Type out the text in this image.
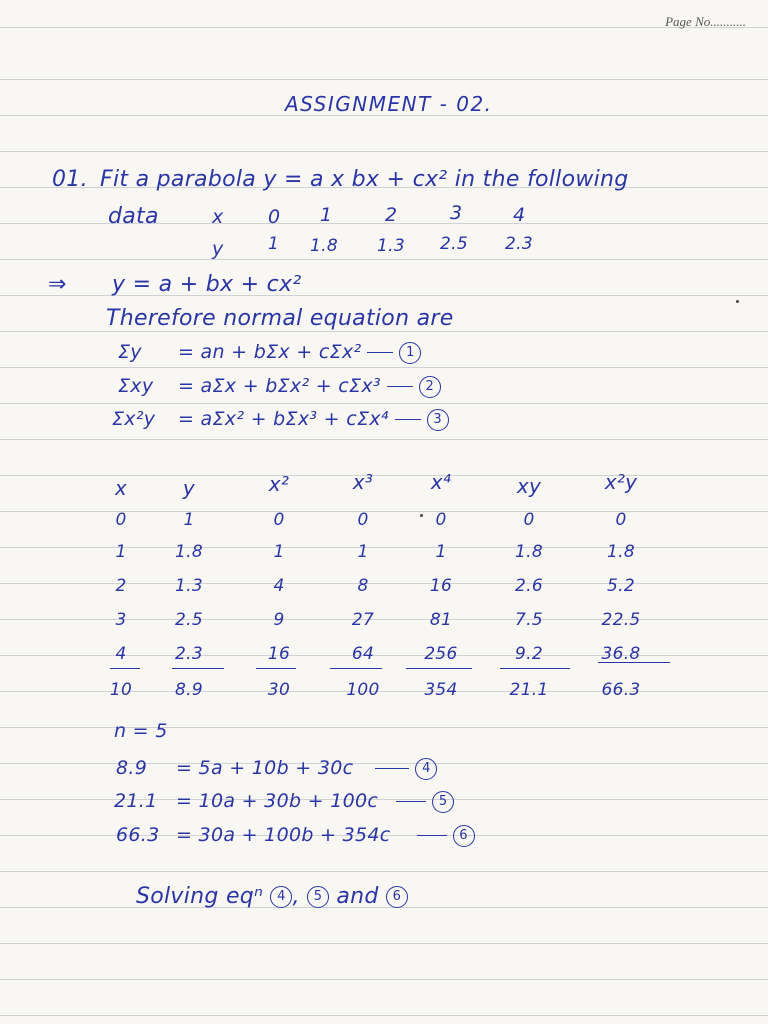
Page No...........
ASSIGNMENT - 02.
01. Fit a parabola y = a x bx + cx² in the following
data	x 0 1	2	3	4
y	1 1.8 1.3 2.5 2.3
⇒ y = a + bx + cx²
Therefore normal equation are
Σy = an + bΣx + cΣx²	1
Σxy = aΣx + bΣx² + cΣx³	2
Σx²y = aΣx² + bΣx³ + cΣx⁴	3
x	y	x²	x³	x⁴	xy	x²y
0	1	0	0	0	0	0
1	1.8	1	1	1	1.8	1.8
2	1.3	4	8	16	2.6	5.2
3	2.5	9	27	81	7.5	22.5
4	2.3	16	64	256	9.2	36.8
10	8.9	30	100	354	21.1	66.3
n = 5
8.9 = 5a + 10b + 30c	4
21.1 = 10a + 30b + 100c	5
66.3 = 30a + 100b + 354c	6
Solving eqⁿ 4 , 5 and 6
